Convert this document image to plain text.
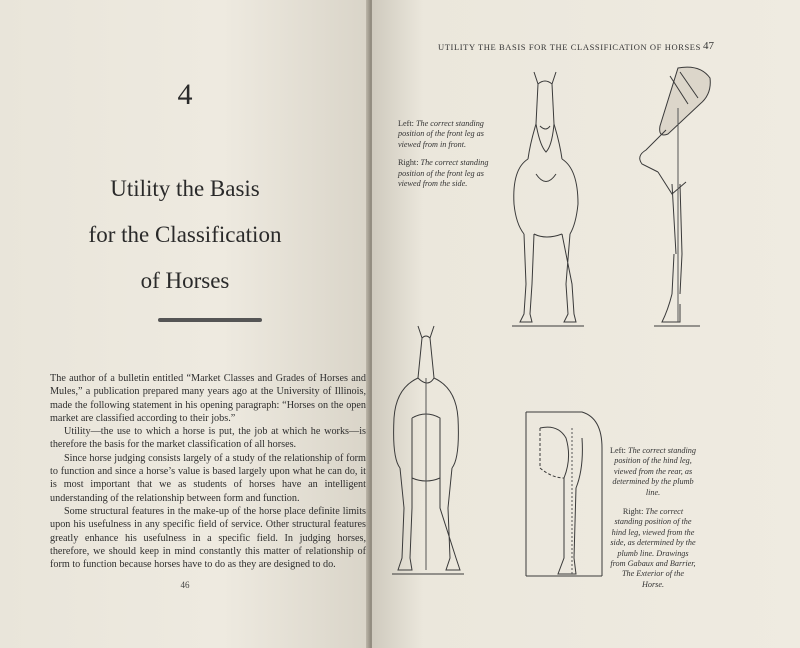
4
Utility the Basis
for the Classification
of Horses

The author of a bulletin entitled “Market Classes and Grades of Horses and Mules,” a publication prepared many years ago at the University of Illinois, made the following statement in his opening paragraph: “Horses on the open market are classified according to their jobs.”

Utility—the use to which a horse is put, the job at which he works—is therefore the basis for the market classification of all horses.

Since horse judging consists largely of a study of the relationship of form to function and since a horse’s value is based largely upon what he can do, it is most important that we as students of horses have an intelligent understanding of the relationship between form and function.

Some structural features in the make-up of the horse place definite limits upon his usefulness in any specific field of service. Other structural features greatly enhance his usefulness in a specific field. In judging horses, therefore, we should keep in mind constantly this matter of relationship of form to function because horses have to do as they are designed to do.

46
UTILITY THE BASIS FOR THE CLASSIFICATION OF HORSES 47

Left: The correct standing position of the front leg as viewed from in front.

Right: The correct standing position of the front leg as viewed from the side.

Left: The correct standing position of the hind leg, viewed from the rear, as determined by the plumb line.

Right: The correct standing position of the hind leg, viewed from the side, as determined by the plumb line. Drawings from Gabaux and Barrier, The Exterior of the Horse.
